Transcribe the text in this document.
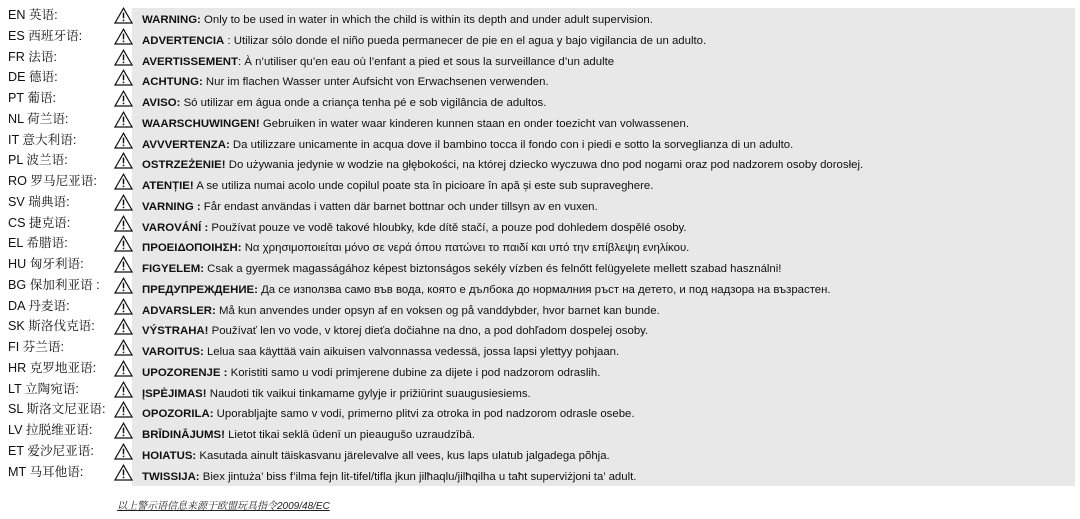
EN 英语:
ES 西班牙语:
FR 法语:
DE 德语:
PT 葡语:
NL 荷兰语:
IT 意大利语:
PL 波兰语:
RO 罗马尼亚语:
SV 瑞典语:
CS 捷克语:
EL 希腊语:
HU 匈牙利语:
BG 保加利亚语 :
DA 丹麦语:
SK 斯洛伐克语:
FI 芬兰语:
HR 克罗地亚语:
LT 立陶宛语:
SL 斯洛文尼亚语:
LV 拉脱维亚语:
ET 爱沙尼亚语:
MT 马耳他语:
WARNING: Only to be used in water in which the child is within its depth and under adult supervision.
ADVERTENCIA : Utilizar sólo donde el niño pueda permanecer de pie en el agua y bajo vigilancia de un adulto.
AVERTISSEMENT: À n’utiliser qu’en eau où l’enfant a pied et sous la surveillance d’un adulte
ACHTUNG: Nur im flachen Wasser unter Aufsicht von Erwachsenen verwenden.
AVISO: Só utilizar em água onde a criança tenha pé e sob vigilância de adultos.
WAARSCHUWINGEN! Gebruiken in water waar kinderen kunnen staan en onder toezicht van volwassenen.
AVVVERTENZA: Da utilizzare unicamente in acqua dove il bambino tocca il fondo con i piedi e sotto la sorveglianza di un adulto.
OSTRZEŻENIE! Do używania jedynie w wodzie na głębokości, na której dziecko wyczuwa dno pod nogami oraz pod nadzorem osoby dorosłej.
ATENȚIE! A se utiliza numai acolo unde copilul poate sta în picioare în apă și este sub supraveghere.
VARNING : Får endast användas i vatten där barnet bottnar och under tillsyn av en vuxen.
VAROVÁNÍ : Používat pouze ve vodě takové hloubky, kde dítě stačí, a pouze pod dohledem dospělé osoby.
ΠΡΟΕΙΔΟΠΟΙΗΣΗ: Να χρησιμοποιείται μόνο σε νερά όπου πατώνει το παιδί και υπό την επίβλεψη ενηλίκου.
FIGYELEM: Csak a gyermek magasságához képest biztonságos sekély vízben és felnőtt felügyelete mellett szabad használni!
ПРЕДУПРЕЖДЕНИЕ: Да се използва само във вода, която е дълбока до нормалния ръст на детето, и под надзора на възрастен.
ADVARSLER: Må kun anvendes under opsyn af en voksen og på vanddybder, hvor barnet kan bunde.
VÝSTRAHA! Používať len vo vode, v ktorej dieťa dočiahne na dno, a pod dohľadom dospelej osoby.
VAROITUS: Lelua saa käyttää vain aikuisen valvonnassa vedessä, jossa lapsi ylettyy pohjaan.
UPOZORENJE : Koristiti samo u vodi primjerene dubine za dijete i pod nadzorom odraslih.
ĮSPĖJIMAS! Naudoti tik vaikui tinkamame gylyje ir prižiūrint suaugusiesiems.
OPOZORILA: Uporabljajte samo v vodi, primerno plitvi za otroka in pod nadzorom odrasle osebe.
BRĪDINĀJUMS! Lietot tikai seklā ūdenī un pieaugušo uzraudzībā.
HOIATUS: Kasutada ainult täiskasvanu järelevalve all vees, kus laps ulatub jalgadega põhja.
TWISSIJA: Biex jintuża’ biss f’ilma fejn lit-tifel/tifla jkun jilħaqlu/jilħqilha u taħt superviżjoni ta’ adult.
以上警示语信息来源于欧盟玩具指令2009/48/EC
